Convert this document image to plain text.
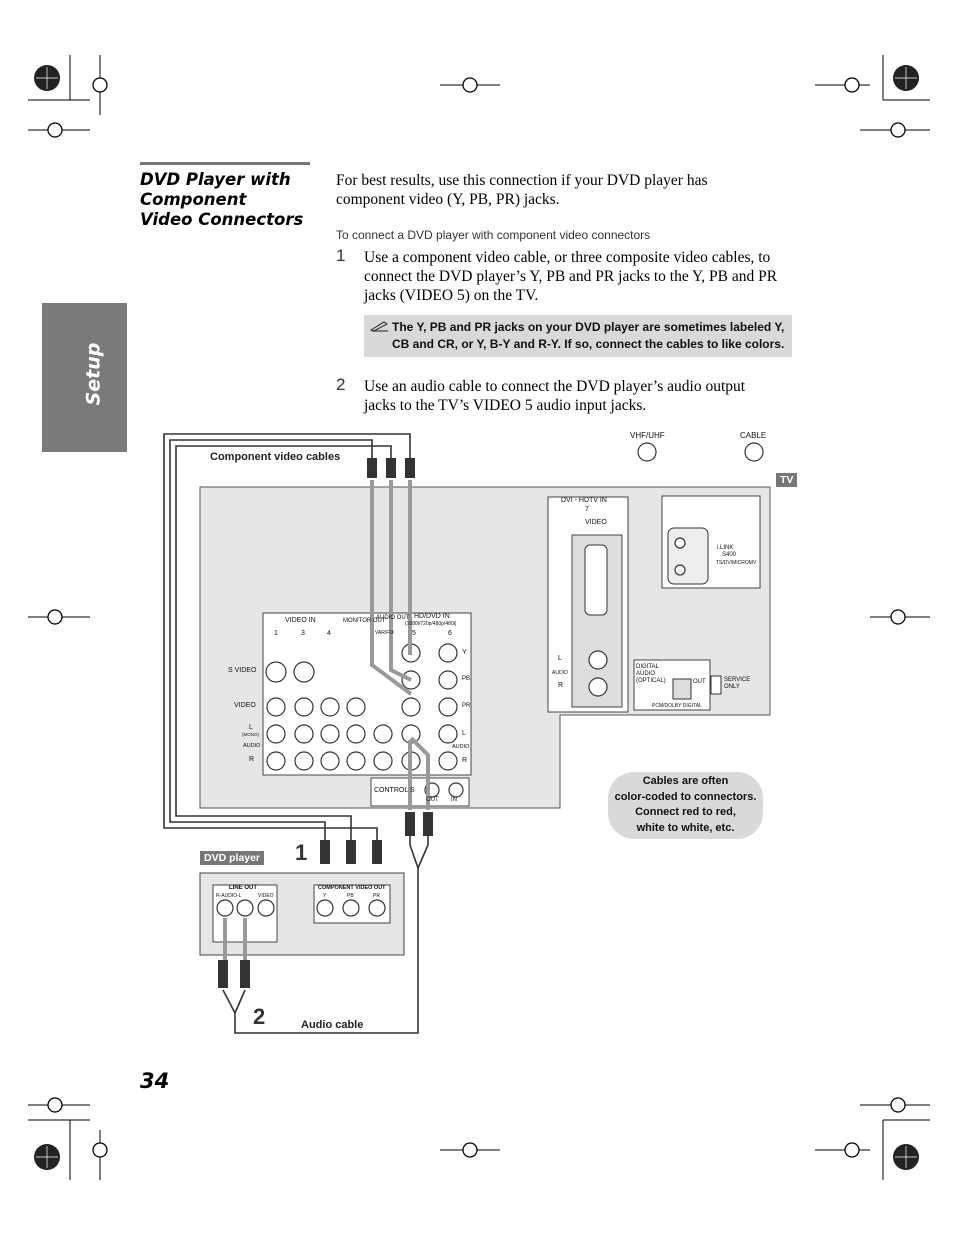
Setup
DVD Player with
Component
Video Connectors
For best results, use this connection if your DVD player has
component video (Y, PB, PR) jacks.
To connect a DVD player with component video connectors
1 Use a component video cable, or three composite video cables, to
connect the DVD player’s Y, PB and PR jacks to the Y, PB and PR
jacks (VIDEO 5) on the TV.
The Y, PB and PR jacks on your DVD player are sometimes labeled Y,
CB and CR, or Y, B-Y and R-Y. If so, connect the cables to like colors.
2 Use an audio cable to connect the DVD player’s audio output
jacks to the TV’s VIDEO 5 audio input jacks.
Component video cables
VHF/UHF	CABLE
TV
DVI - HDTV IN
7
VIDEO
i.LINK
S400
TS/DV/MICROMV
VIDEO IN	MONITOR OUT
AUDIO OUT
VAR/FIX
HD/DVD IN
(1080i/720p/480p/480i)
1	3	4	5	6
S VIDEO
VIDEO
L
(MONO)
AUDIO
R
Y
PB
PR
L
AUDIO
R
CONTROL S
OUT IN
DIGITAL AUDIO (OPTICAL)	OUT
PCM/DOLBY DIGITAL
SERVICE ONLY
L
AUDIO
R
Cables are often
color-coded to connectors.
Connect red to red,
white to white, etc.
1
DVD player
LINE OUT
R-AUDIO-L	VIDEO
COMPONENT VIDEO OUT
Y	PB	PR
2	Audio cable
34
